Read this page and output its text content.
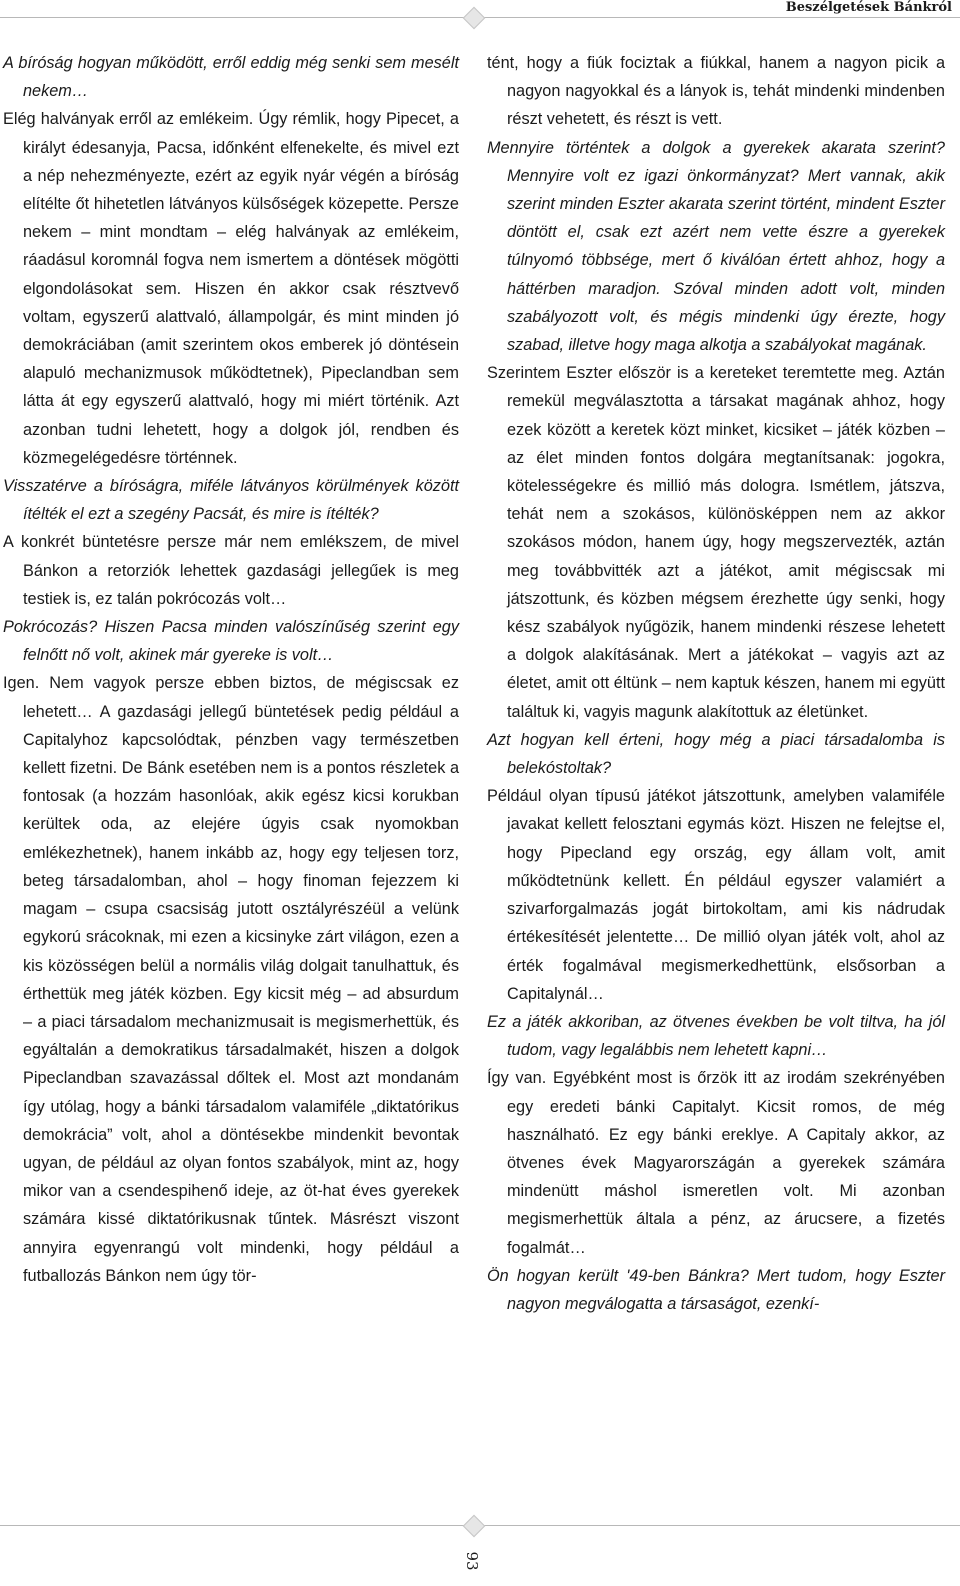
Beszélgetések Bánkról

A bíróság hogyan működött, erről eddig még senki sem mesélt nekem…

Elég halványak erről az emlékeim. Úgy rémlik, hogy Pipecet, a királyt édesanyja, Pacsa, időnként elfenekelte, és mivel ezt a nép nehezményezte, ezért az egyik nyár végén a bíróság elítélte őt hihetetlen látványos külsőségek közepette. Persze nekem – mint mondtam – elég halványak az emlékeim, ráadásul koromnál fogva nem ismertem a döntések mögötti elgondolásokat sem. Hiszen én akkor csak résztvevő voltam, egyszerű alattvaló, állampolgár, és mint minden jó demokráciában (amit szerintem okos emberek jó döntésein alapuló mechanizmusok működtetnek), Pipeclandban sem látta át egy egyszerű alattvaló, hogy mi miért történik. Azt azonban tudni lehetett, hogy a dolgok jól, rendben és közmegelégedésre történnek.

Visszatérve a bíróságra, miféle látványos körülmények között ítélték el ezt a szegény Pacsát, és mire is ítélték?

A konkrét büntetésre persze már nem emlékszem, de mivel Bánkon a retorziók lehettek gazdasági jellegűek is meg testiek is, ez talán pokrócozás volt…

Pokrócozás? Hiszen Pacsa minden valószínűség szerint egy felnőtt nő volt, akinek már gyereke is volt…

Igen. Nem vagyok persze ebben biztos, de mégiscsak ez lehetett… A gazdasági jellegű büntetések pedig például a Capitalyhoz kapcsolódtak, pénzben vagy természetben kellett fizetni. De Bánk esetében nem is a pontos részletek a fontosak (a hozzám hasonlóak, akik egész kicsi korukban kerültek oda, az elejére úgyis csak nyomokban emlékezhetnek), hanem inkább az, hogy egy teljesen torz, beteg társadalomban, ahol – hogy finoman fejezzem ki magam – csupa csacsiság jutott osztályrészéül a velünk egykorú srácoknak, mi ezen a kicsinyke zárt világon, ezen a kis közösségen belül a normális világ dolgait tanulhattuk, és érthettük meg játék közben. Egy kicsit még – ad absurdum – a piaci társadalom mechanizmusait is megismerhettük, és egyáltalán a demokratikus társadalmakét, hiszen a dolgok Pipeclandban szavazással dőltek el. Most azt mondanám így utólag, hogy a bánki társadalom valamiféle „diktatórikus demokrácia” volt, ahol a döntésekbe mindenkit bevontak ugyan, de például az olyan fontos szabályok, mint az, hogy mikor van a csendespihenő ideje, az öt-hat éves gyerekek számára kissé diktatórikusnak tűntek. Másrészt viszont annyira egyenrangú volt mindenki, hogy például a futballozás Bánkon nem úgy tör-

tént, hogy a fiúk fociztak a fiúkkal, hanem a nagyon picik a nagyon nagyokkal és a lányok is, tehát mindenki mindenben részt vehetett, és részt is vett.

Mennyire történtek a dolgok a gyerekek akarata szerint? Mennyire volt ez igazi önkormányzat? Mert vannak, akik szerint minden Eszter akarata szerint történt, mindent Eszter döntött el, csak ezt azért nem vette észre a gyerekek túlnyomó többsége, mert ő kiválóan értett ahhoz, hogy a háttérben maradjon. Szóval minden adott volt, minden szabályozott volt, és mégis mindenki úgy érezte, hogy szabad, illetve hogy maga alkotja a szabályokat magának.

Szerintem Eszter először is a kereteket teremtette meg. Aztán remekül megválasztotta a társakat magának ahhoz, hogy ezek között a keretek közt minket, kicsiket – játék közben – az élet minden fontos dolgára megtanítsanak: jogokra, kötelességekre és millió más dologra. Ismétlem, játszva, tehát nem a szokásos, különösképpen nem az akkor szokásos módon, hanem úgy, hogy megszervezték, aztán meg továbbvitték azt a játékot, amit mégiscsak mi játszottunk, és közben mégsem érezhette úgy senki, hogy kész szabályok nyűgözik, hanem mindenki részese lehetett a dolgok alakításának. Mert a játékokat – vagyis azt az életet, amit ott éltünk – nem kaptuk készen, hanem mi együtt találtuk ki, vagyis magunk alakítottuk az életünket.

Azt hogyan kell érteni, hogy még a piaci társadalomba is belekóstoltak?

Például olyan típusú játékot játszottunk, amelyben valamiféle javakat kellett felosztani egymás közt. Hiszen ne felejtse el, hogy Pipecland egy ország, egy állam volt, amit működtetnünk kellett. Én például egyszer valamiért a szivarforgalmazás jogát birtokoltam, ami kis nádrudak értékesítését jelentette… De millió olyan játék volt, ahol az érték fogalmával megismerkedhettünk, elsősorban a Capitalynál…

Ez a játék akkoriban, az ötvenes években be volt tiltva, ha jól tudom, vagy legalábbis nem lehetett kapni…

Így van. Egyébként most is őrzök itt az irodám szekrényében egy eredeti bánki Capitalyt. Kicsit romos, de még használható. Ez egy bánki ereklye. A Capitaly akkor, az ötvenes évek Magyarországán a gyerekek számára mindenütt máshol ismeretlen volt. Mi azonban megismerhettük általa a pénz, az árucsere, a fizetés fogalmát…

Ön hogyan került '49-ben Bánkra? Mert tudom, hogy Eszter nagyon megválogatta a társaságot, ezenkí-

93
